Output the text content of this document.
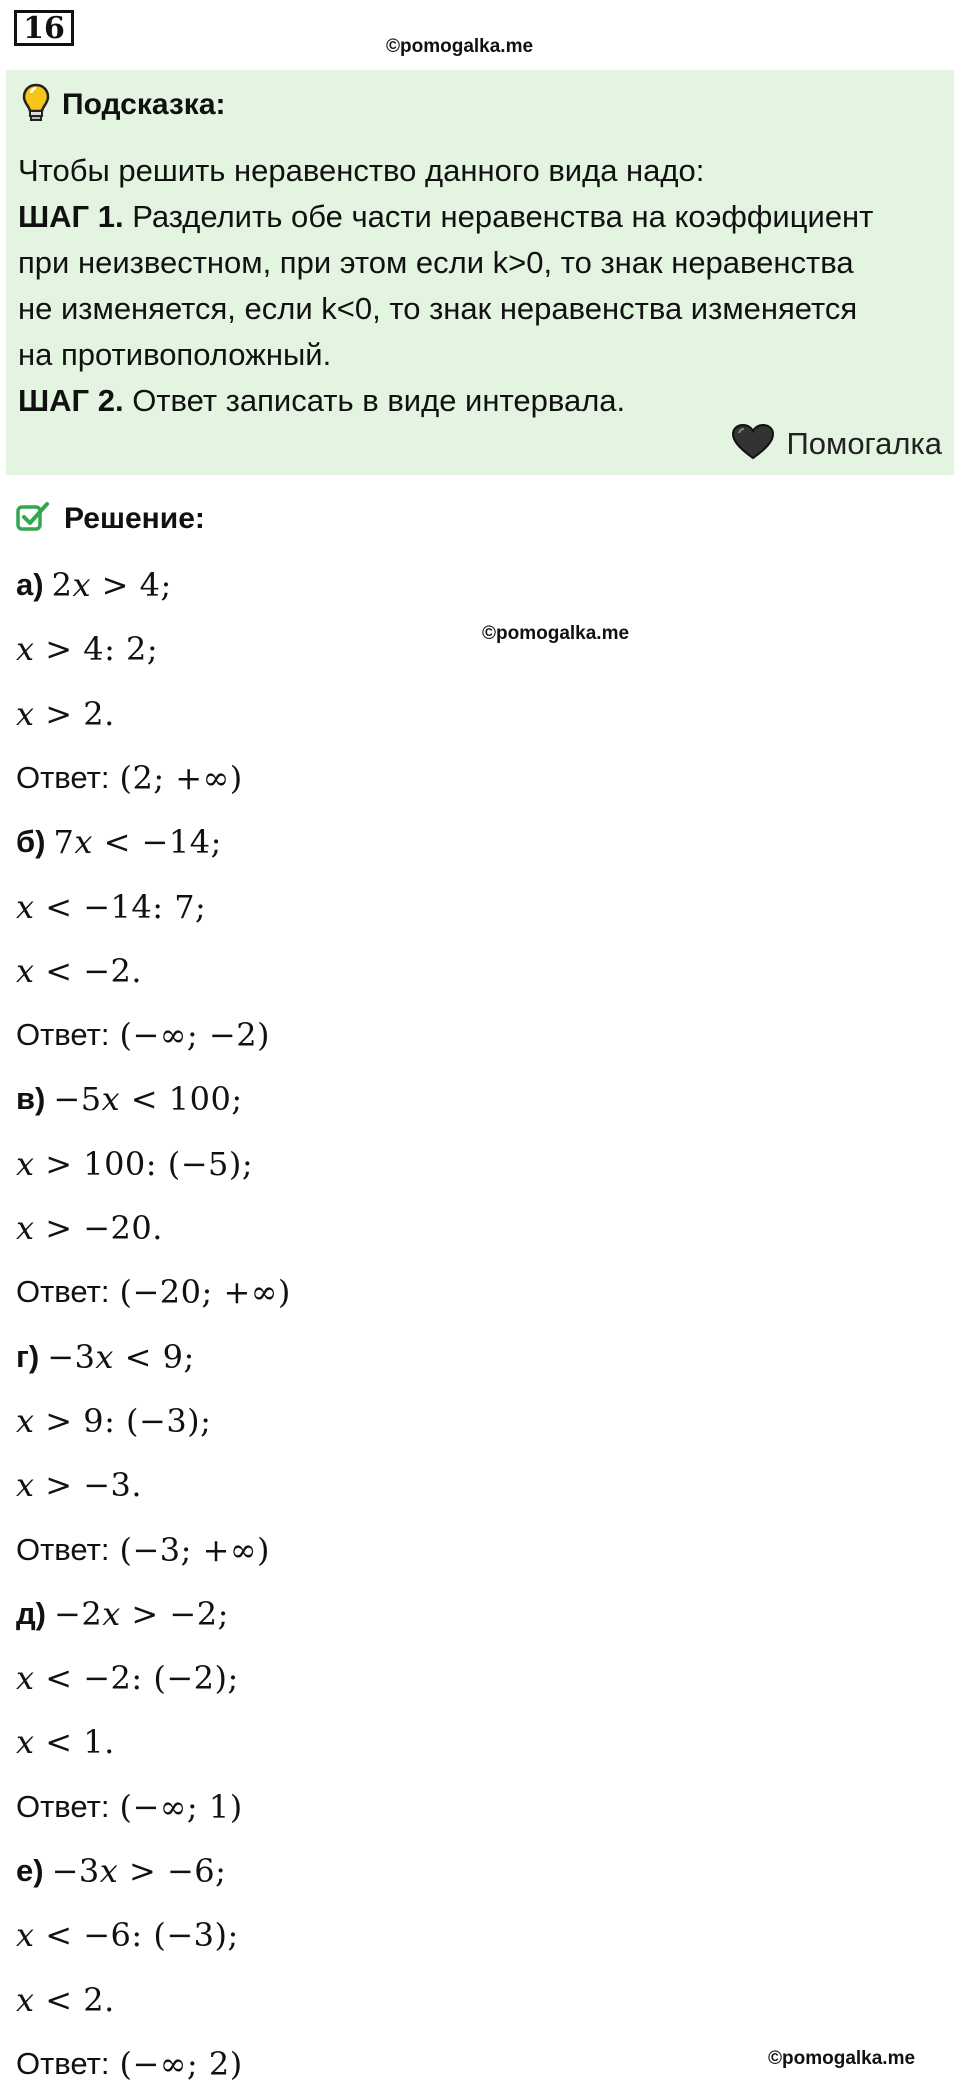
16
©pomogalka.me
Подсказка:
Чтобы решить неравенство данного вида надо:
ШАГ 1. Разделить обе части неравенства на коэффициент
при неизвестном, при этом если k>0, то знак неравенства
не изменяется, если k<0, то знак неравенства изменяется
на противоположный.
ШАГ 2. Ответ записать в виде интервала.
Помогалка
Решение:
©pomogalka.me
а) 2𝑥 > 4;
𝑥 > 4: 2;
𝑥 > 2.
Ответ: (2; +∞)
б) 7𝑥 < −14;
𝑥 < −14: 7;
𝑥 < −2.
Ответ: (−∞; −2)
в) −5𝑥 < 100;
𝑥 > 100: (−5);
𝑥 > −20.
Ответ: (−20; +∞)
г) −3𝑥 < 9;
𝑥 > 9: (−3);
𝑥 > −3.
Ответ: (−3; +∞)
д) −2𝑥 > −2;
𝑥 < −2: (−2);
𝑥 < 1.
Ответ: (−∞; 1)
е) −3𝑥 > −6;
𝑥 < −6: (−3);
𝑥 < 2.
Ответ: (−∞; 2)	©pomogalka.me
